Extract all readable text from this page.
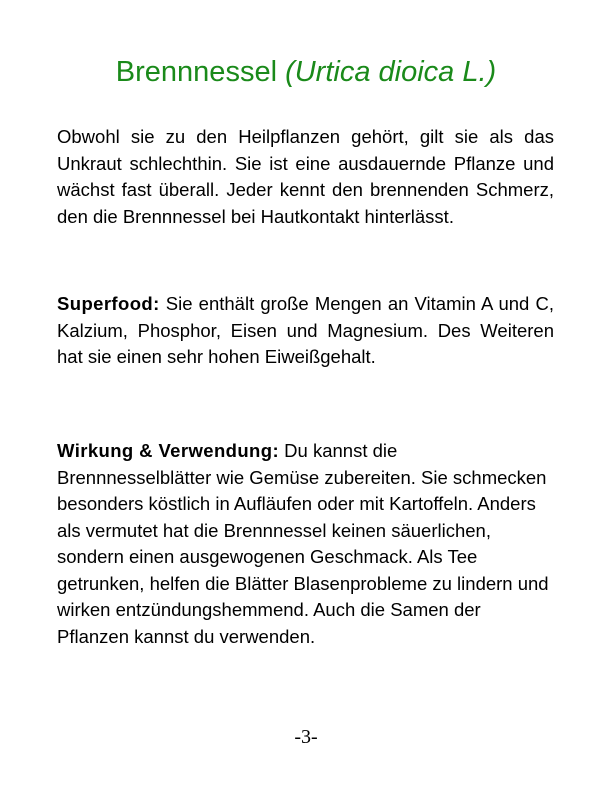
Brennnessel (Urtica dioica L.)

Obwohl sie zu den Heilpflanzen gehört, gilt sie als das Unkraut schlechthin. Sie ist eine ausdauernde Pflanze und wächst fast überall. Jeder kennt den brennenden Schmerz, den die Brennnessel bei Hautkontakt hinterlässt.

Superfood: Sie enthält große Mengen an Vitamin A und C, Kalzium, Phosphor, Eisen und Magnesium. Des Weiteren hat sie einen sehr hohen Eiweißgehalt.

Wirkung & Verwendung: Du kannst die Brennnesselblätter wie Gemüse zubereiten. Sie schmecken besonders köstlich in Aufläufen oder mit Kartoffeln. Anders als vermutet hat die Brennnessel keinen säuerlichen, sondern einen ausgewogenen Geschmack. Als Tee getrunken, helfen die Blätter Blasenprobleme zu lindern und wirken entzündungshemmend. Auch die Samen der Pflanzen kannst du verwenden.

-3-
